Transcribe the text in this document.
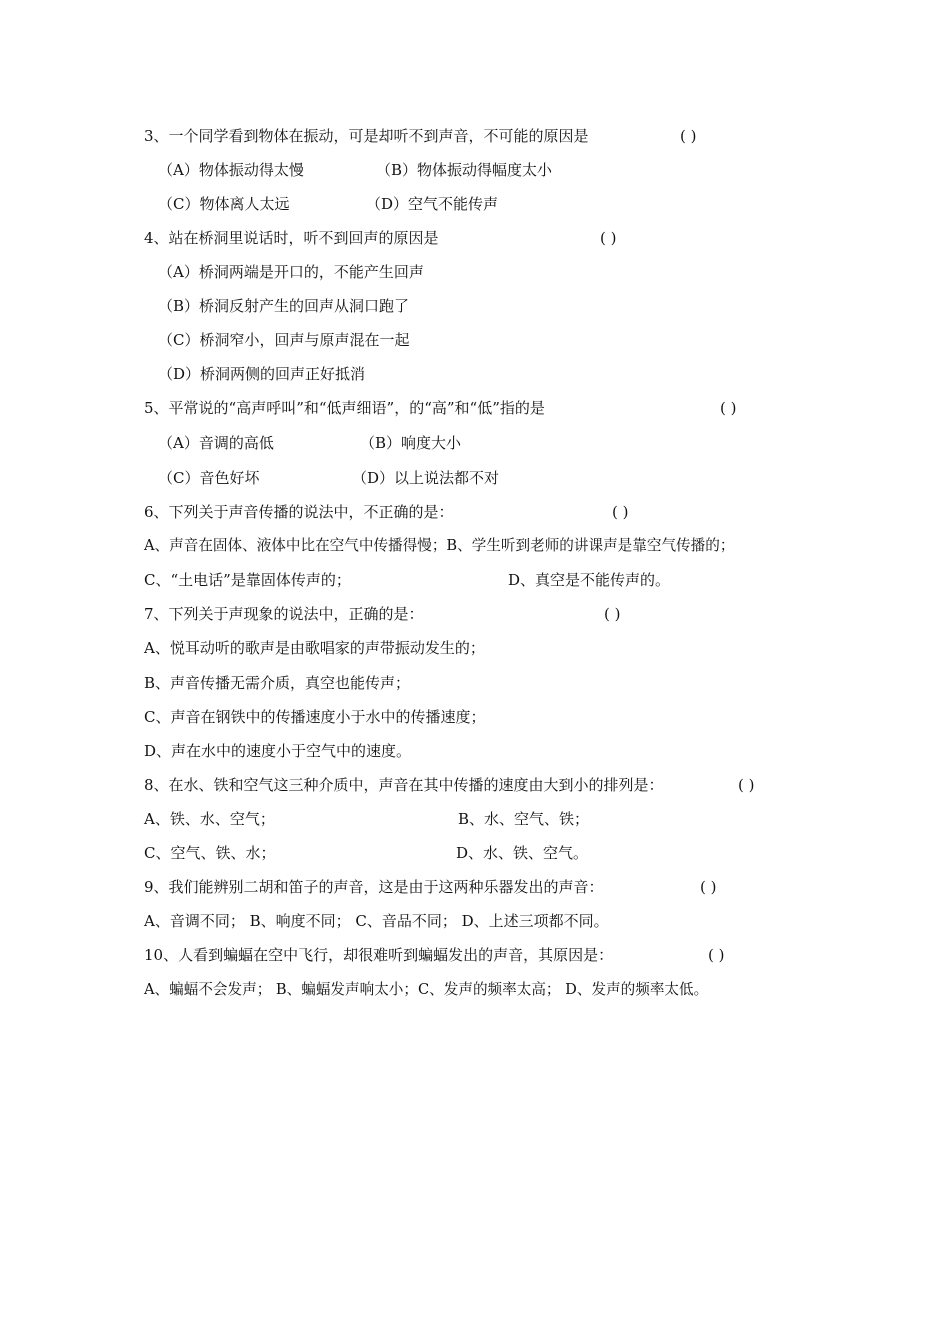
3、一个同学看到物体在振动，可是却听不到声音，不可能的原因是	( )
（A）物体振动得太慢	（B）物体振动得幅度太小
（C）物体离人太远	（D）空气不能传声
4、站在桥洞里说话时，听不到回声的原因是	( )
（A）桥洞两端是开口的，不能产生回声
（B）桥洞反射产生的回声从洞口跑了
（C）桥洞窄小，回声与原声混在一起
（D）桥洞两侧的回声正好抵消
5、平常说的“高声呼叫”和“低声细语”，的“高”和“低”指的是	( )
（A）音调的高低	（B）响度大小
（C）音色好坏	（D）以上说法都不对
6、下列关于声音传播的说法中，不正确的是：	( )
A、声音在固体、液体中比在空气中传播得慢；B、学生听到老师的讲课声是靠空气传播的；
C、“土电话”是靠固体传声的；	D、真空是不能传声的。
7、下列关于声现象的说法中，正确的是：	( )
A、悦耳动听的歌声是由歌唱家的声带振动发生的；
B、声音传播无需介质，真空也能传声；
C、声音在钢铁中的传播速度小于水中的传播速度；
D、声在水中的速度小于空气中的速度。
8、在水、铁和空气这三种介质中，声音在其中传播的速度由大到小的排列是：	( )
A、铁、水、空气；	B、水、空气、铁；
C、空气、铁、水；	D、水、铁、空气。
9、我们能辨别二胡和笛子的声音，这是由于这两种乐器发出的声音：	( )
A、音调不同； B、响度不同； C、音品不同； D、上述三项都不同。
10、人看到蝙蝠在空中飞行，却很难听到蝙蝠发出的声音，其原因是：	( )
A、蝙蝠不会发声； B、蝙蝠发声响太小；C、发声的频率太高； D、发声的频率太低。
